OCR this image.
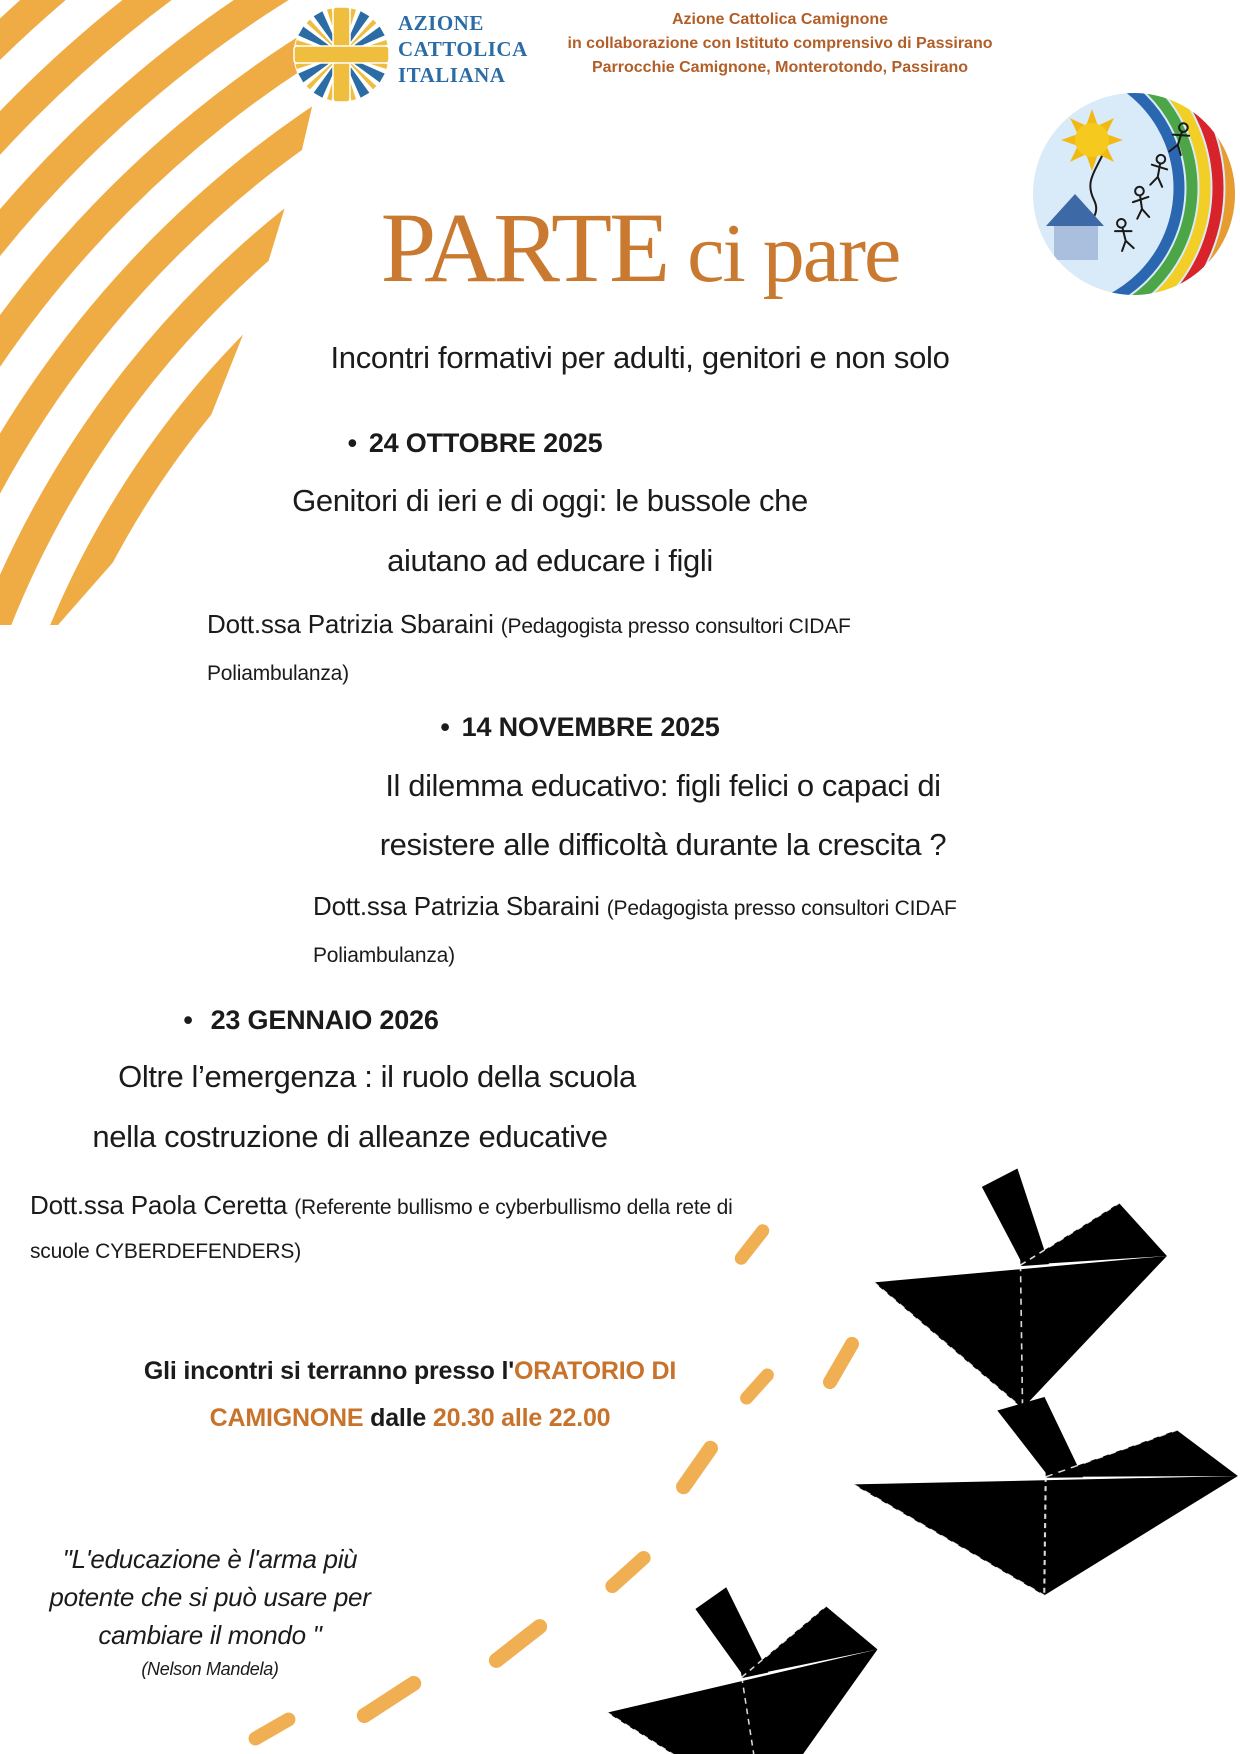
AZIONE
CATTOLICA
ITALIANA
Azione Cattolica Camignone
in collaborazione con Istituto comprensivo di Passirano
Parrocchie Camignone, Monterotondo, Passirano
PARTE ci pare
Incontri formativi per adulti, genitori e non solo
• 24 OTTOBRE 2025
Genitori di ieri e di oggi: le bussole che
aiutano ad educare i figli
Dott.ssa Patrizia Sbaraini (Pedagogista presso consultori CIDAF Poliambulanza)
• 14 NOVEMBRE 2025
Il dilemma educativo: figli felici o capaci di
resistere alle difficoltà durante la crescita ?
Dott.ssa Patrizia Sbaraini (Pedagogista presso consultori CIDAF Poliambulanza)
• 23 GENNAIO 2026
Oltre l’emergenza : il ruolo della scuola
nella costruzione di alleanze educative
Dott.ssa Paola Ceretta (Referente bullismo e cyberbullismo della rete di scuole CYBERDEFENDERS)
Gli incontri si terranno presso l'ORATORIO DI
CAMIGNONE dalle 20.30 alle 22.00
"L'educazione è l'arma più
potente che si può usare per
cambiare il mondo "
(Nelson Mandela)
